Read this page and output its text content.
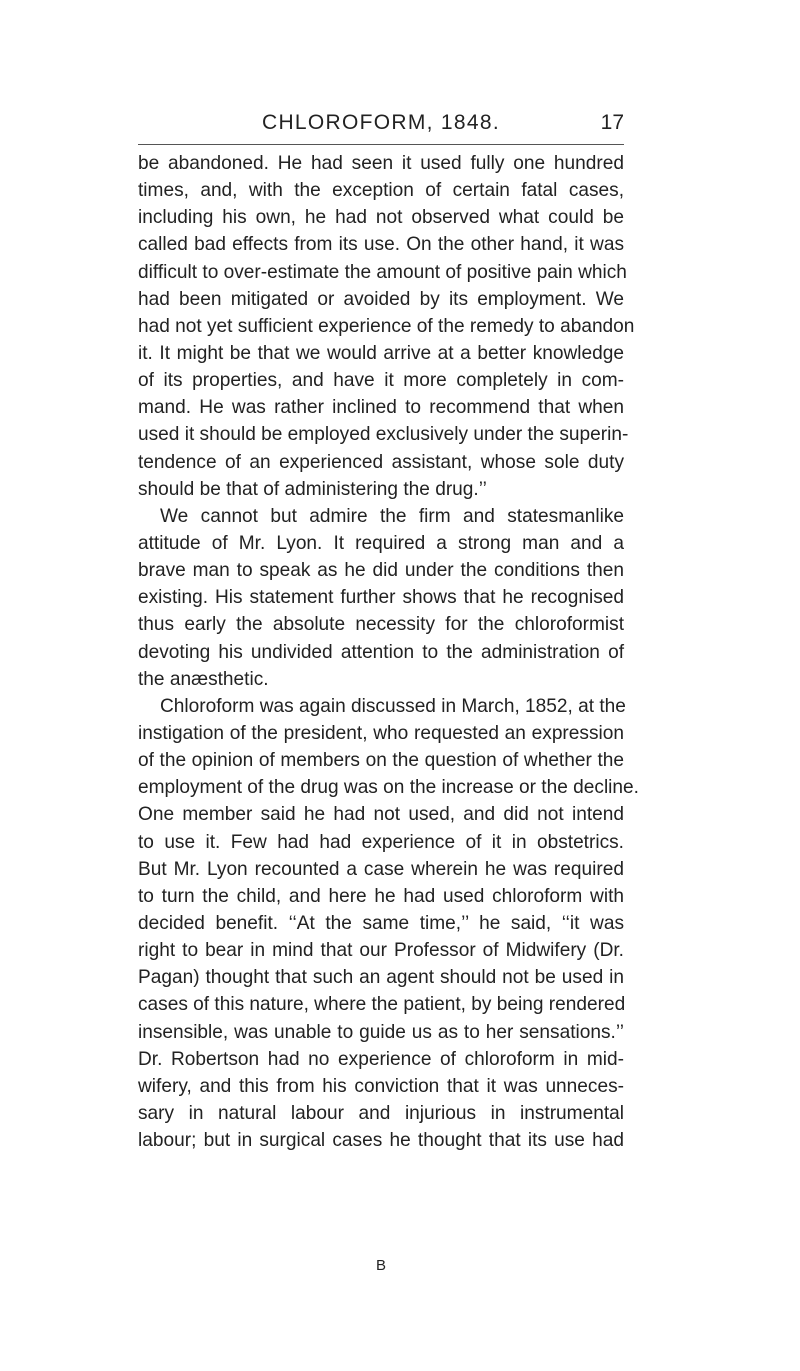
CHLOROFORM, 1848.	17
be abandoned. He had seen it used fully one hundred
times, and, with the exception of certain fatal cases,
including his own, he had not observed what could be
called bad effects from its use. On the other hand, it was
difficult to over-estimate the amount of positive pain which
had been mitigated or avoided by its employment. We
had not yet sufficient experience of the remedy to abandon
it. It might be that we would arrive at a better knowledge
of its properties, and have it more completely in com-
mand. He was rather inclined to recommend that when
used it should be employed exclusively under the superin-
tendence of an experienced assistant, whose sole duty
should be that of administering the drug.’’
We cannot but admire the firm and statesmanlike
attitude of Mr. Lyon. It required a strong man and a
brave man to speak as he did under the conditions then
existing. His statement further shows that he recognised
thus early the absolute necessity for the chloroformist
devoting his undivided attention to the administration of
the anæsthetic.
Chloroform was again discussed in March, 1852, at the
instigation of the president, who requested an expression
of the opinion of members on the question of whether the
employment of the drug was on the increase or the decline.
One member said he had not used, and did not intend
to use it. Few had had experience of it in obstetrics.
But Mr. Lyon recounted a case wherein he was required
to turn the child, and here he had used chloroform with
decided benefit. ‘‘At the same time,’’ he said, ‘‘it was
right to bear in mind that our Professor of Midwifery (Dr.
Pagan) thought that such an agent should not be used in
cases of this nature, where the patient, by being rendered
insensible, was unable to guide us as to her sensations.’’
Dr. Robertson had no experience of chloroform in mid-
wifery, and this from his conviction that it was unneces-
sary in natural labour and injurious in instrumental
labour; but in surgical cases he thought that its use had
B
